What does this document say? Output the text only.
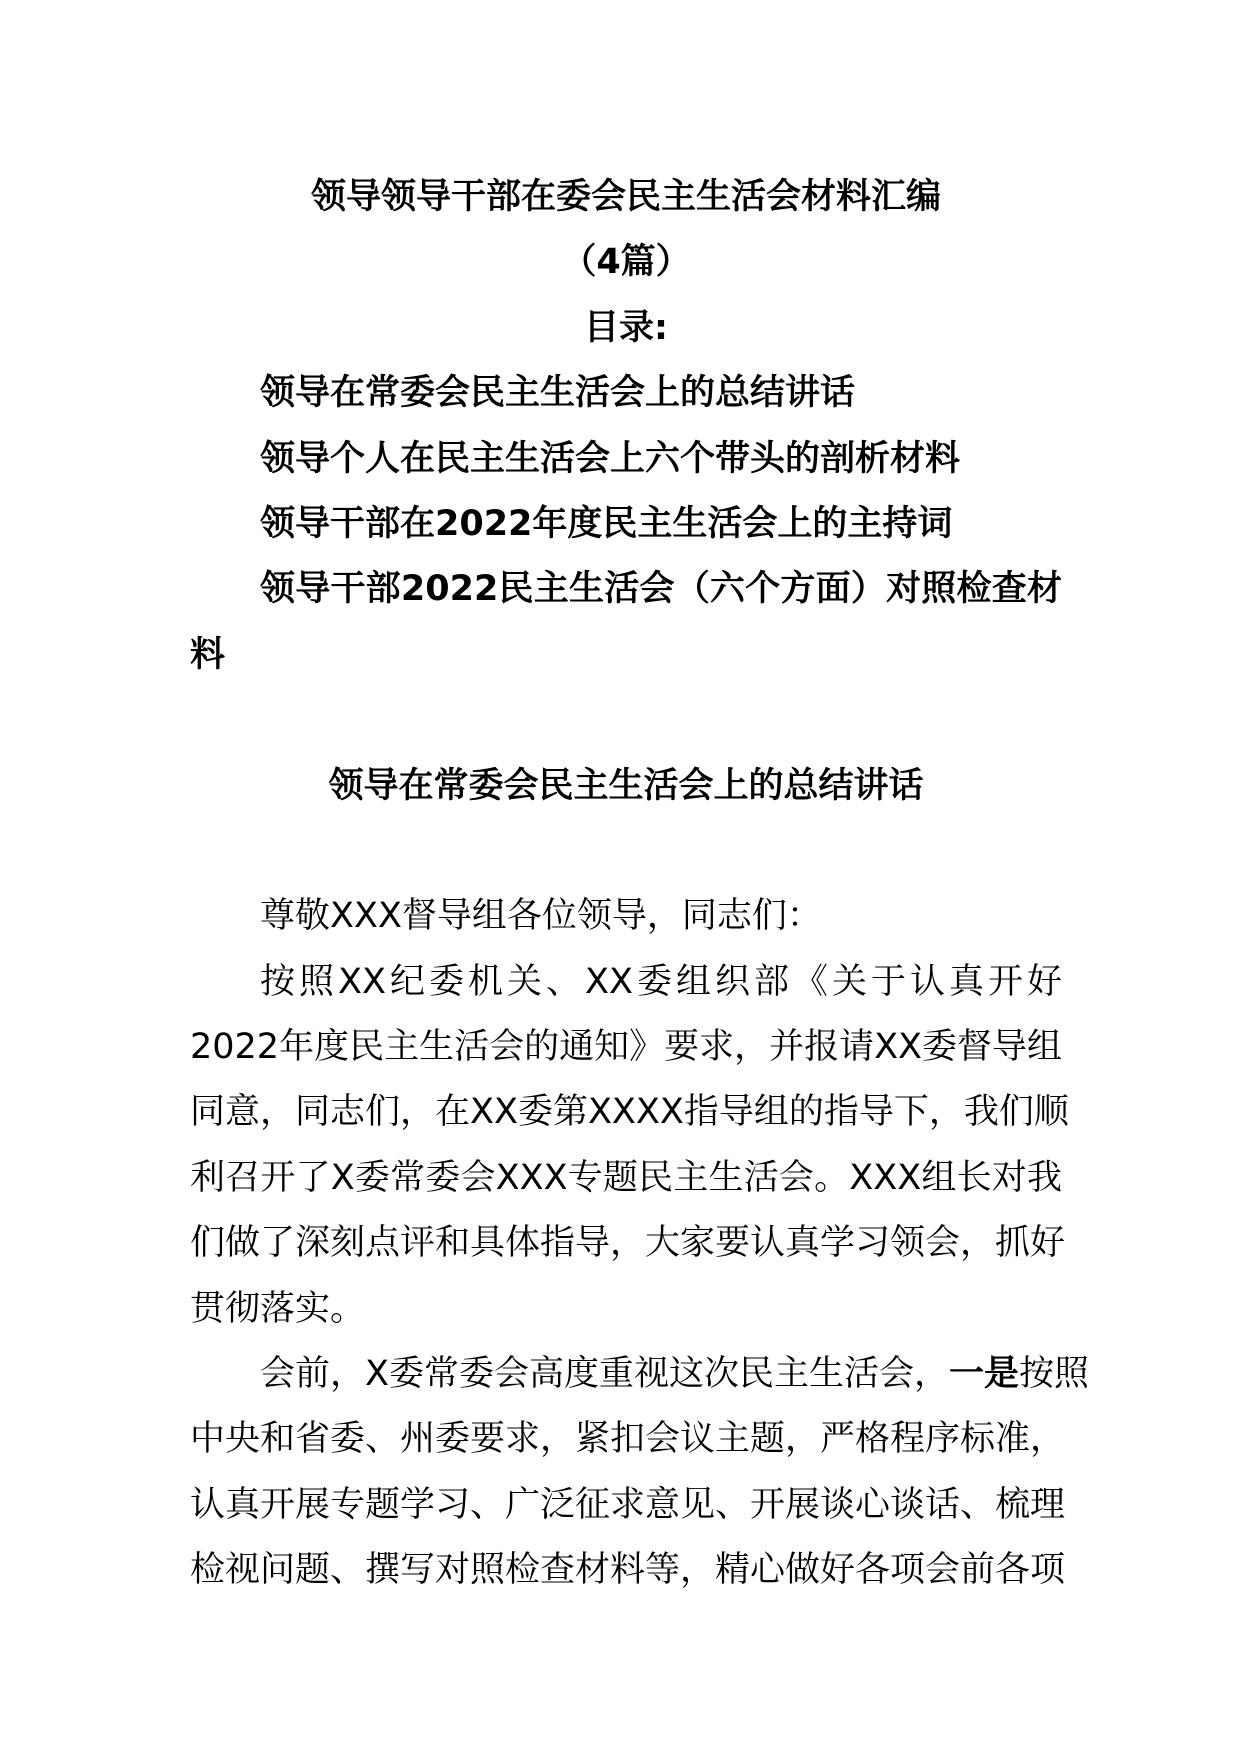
领导领导干部在委会民主生活会材料汇编
（4篇）
目录:
领导在常委会民主生活会上的总结讲话
领导个人在民主生活会上六个带头的剖析材料
领导干部在2022年度民主生活会上的主持词
领导干部2022民主生活会（六个方面）对照检查材
料
领导在常委会民主生活会上的总结讲话
尊敬XXX督导组各位领导，同志们：
按照XX纪委机关、XX委组织部《关于认真开好
2022年度民主生活会的通知》要求，并报请XX委督导组
同意，同志们，在XX委第XXXX指导组的指导下，我们顺
利召开了X委常委会XXX专题民主生活会。XXX组长对我
们做了深刻点评和具体指导，大家要认真学习领会，抓好
贯彻落实。
会前，X委常委会高度重视这次民主生活会，一是按照
中央和省委、州委要求，紧扣会议主题，严格程序标准，
认真开展专题学习、广泛征求意见、开展谈心谈话、梳理
检视问题、撰写对照检查材料等，精心做好各项会前各项
